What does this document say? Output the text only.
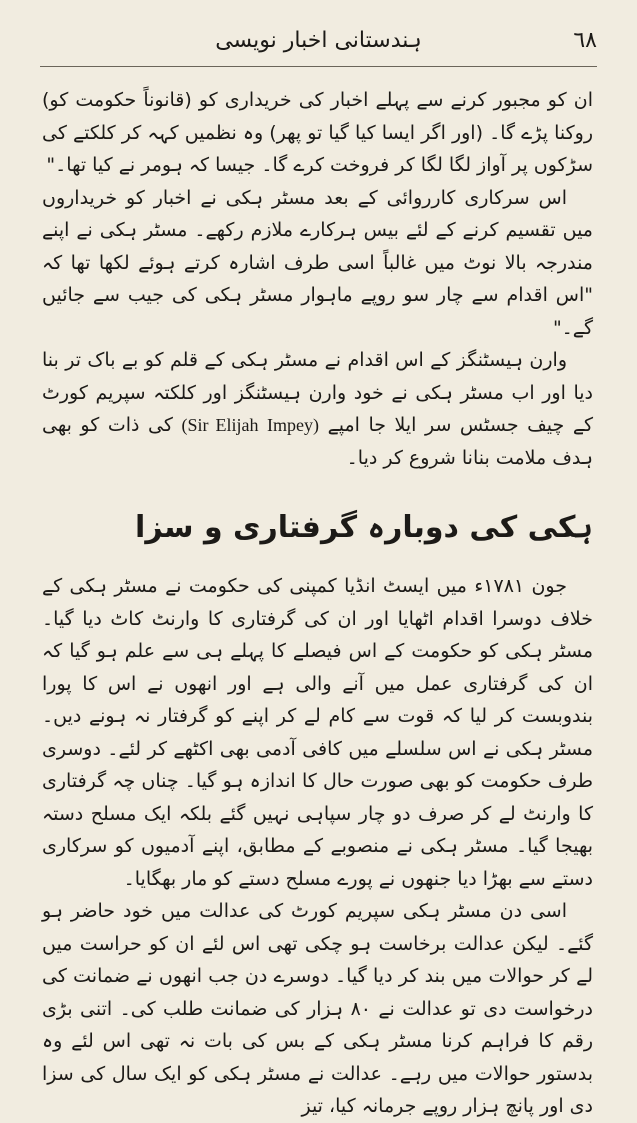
ہندستانی اخبار نویسی	٦٨

ان کو مجبور کرنے سے پہلے اخبار کی خریداری کو (قانوناً حکومت کو) روکنا پڑے گا۔ (اور اگر ایسا کیا گیا تو پھر) وہ نظمیں کہہ کر کلکتے کی سڑکوں پر آواز لگا لگا کر فروخت کرے گا۔ جیسا کہ ہومر نے کیا تھا۔"

اس سرکاری کارروائی کے بعد مسٹر ہکی نے اخبار کو خریداروں میں تقسیم کرنے کے لئے بیس ہرکارے ملازم رکھے۔ مسٹر ہکی نے اپنے مندرجہ بالا نوٹ میں غالباً اسی طرف اشارہ کرتے ہوئے لکھا تھا کہ "اس اقدام سے چار سو روپے ماہوار مسٹر ہکی کی جیب سے جائیں گے۔"

وارن ہیسٹنگز کے اس اقدام نے مسٹر ہکی کے قلم کو بے باک تر بنا دیا اور اب مسٹر ہکی نے خود وارن ہیسٹنگز اور کلکتہ سپریم کورٹ کے چیف جسٹس سر ایلا جا امپے (Sir Elijah Impey) کی ذات کو بھی ہدف ملامت بنانا شروع کر دیا۔

ہکی کی دوبارہ گرفتاری و سزا

جون ۱۷۸۱ء میں ایسٹ انڈیا کمپنی کی حکومت نے مسٹر ہکی کے خلاف دوسرا اقدام اٹھایا اور ان کی گرفتاری کا وارنٹ کاٹ دیا گیا۔ مسٹر ہکی کو حکومت کے اس فیصلے کا پہلے ہی سے علم ہو گیا کہ ان کی گرفتاری عمل میں آنے والی ہے اور انھوں نے اس کا پورا بندوبست کر لیا کہ قوت سے کام لے کر اپنے کو گرفتار نہ ہونے دیں۔ مسٹر ہکی نے اس سلسلے میں کافی آدمی بھی اکٹھے کر لئے۔ دوسری طرف حکومت کو بھی صورت حال کا اندازہ ہو گیا۔ چناں چہ گرفتاری کا وارنٹ لے کر صرف دو چار سپاہی نہیں گئے بلکہ ایک مسلح دستہ بھیجا گیا۔ مسٹر ہکی نے منصوبے کے مطابق، اپنے آدمیوں کو سرکاری دستے سے بھڑا دیا جنھوں نے پورے مسلح دستے کو مار بھگایا۔

اسی دن مسٹر ہکی سپریم کورٹ کی عدالت میں خود حاضر ہو گئے۔ لیکن عدالت برخاست ہو چکی تھی اس لئے ان کو حراست میں لے کر حوالات میں بند کر دیا گیا۔ دوسرے دن جب انھوں نے ضمانت کی درخواست دی تو عدالت نے ۸۰ ہزار کی ضمانت طلب کی۔ اتنی بڑی رقم کا فراہم کرنا مسٹر ہکی کے بس کی بات نہ تھی اس لئے وہ بدستور حوالات میں رہے۔ عدالت نے مسٹر ہکی کو ایک سال کی سزا دی اور پانچ ہزار روپے جرمانہ کیا، تیز
